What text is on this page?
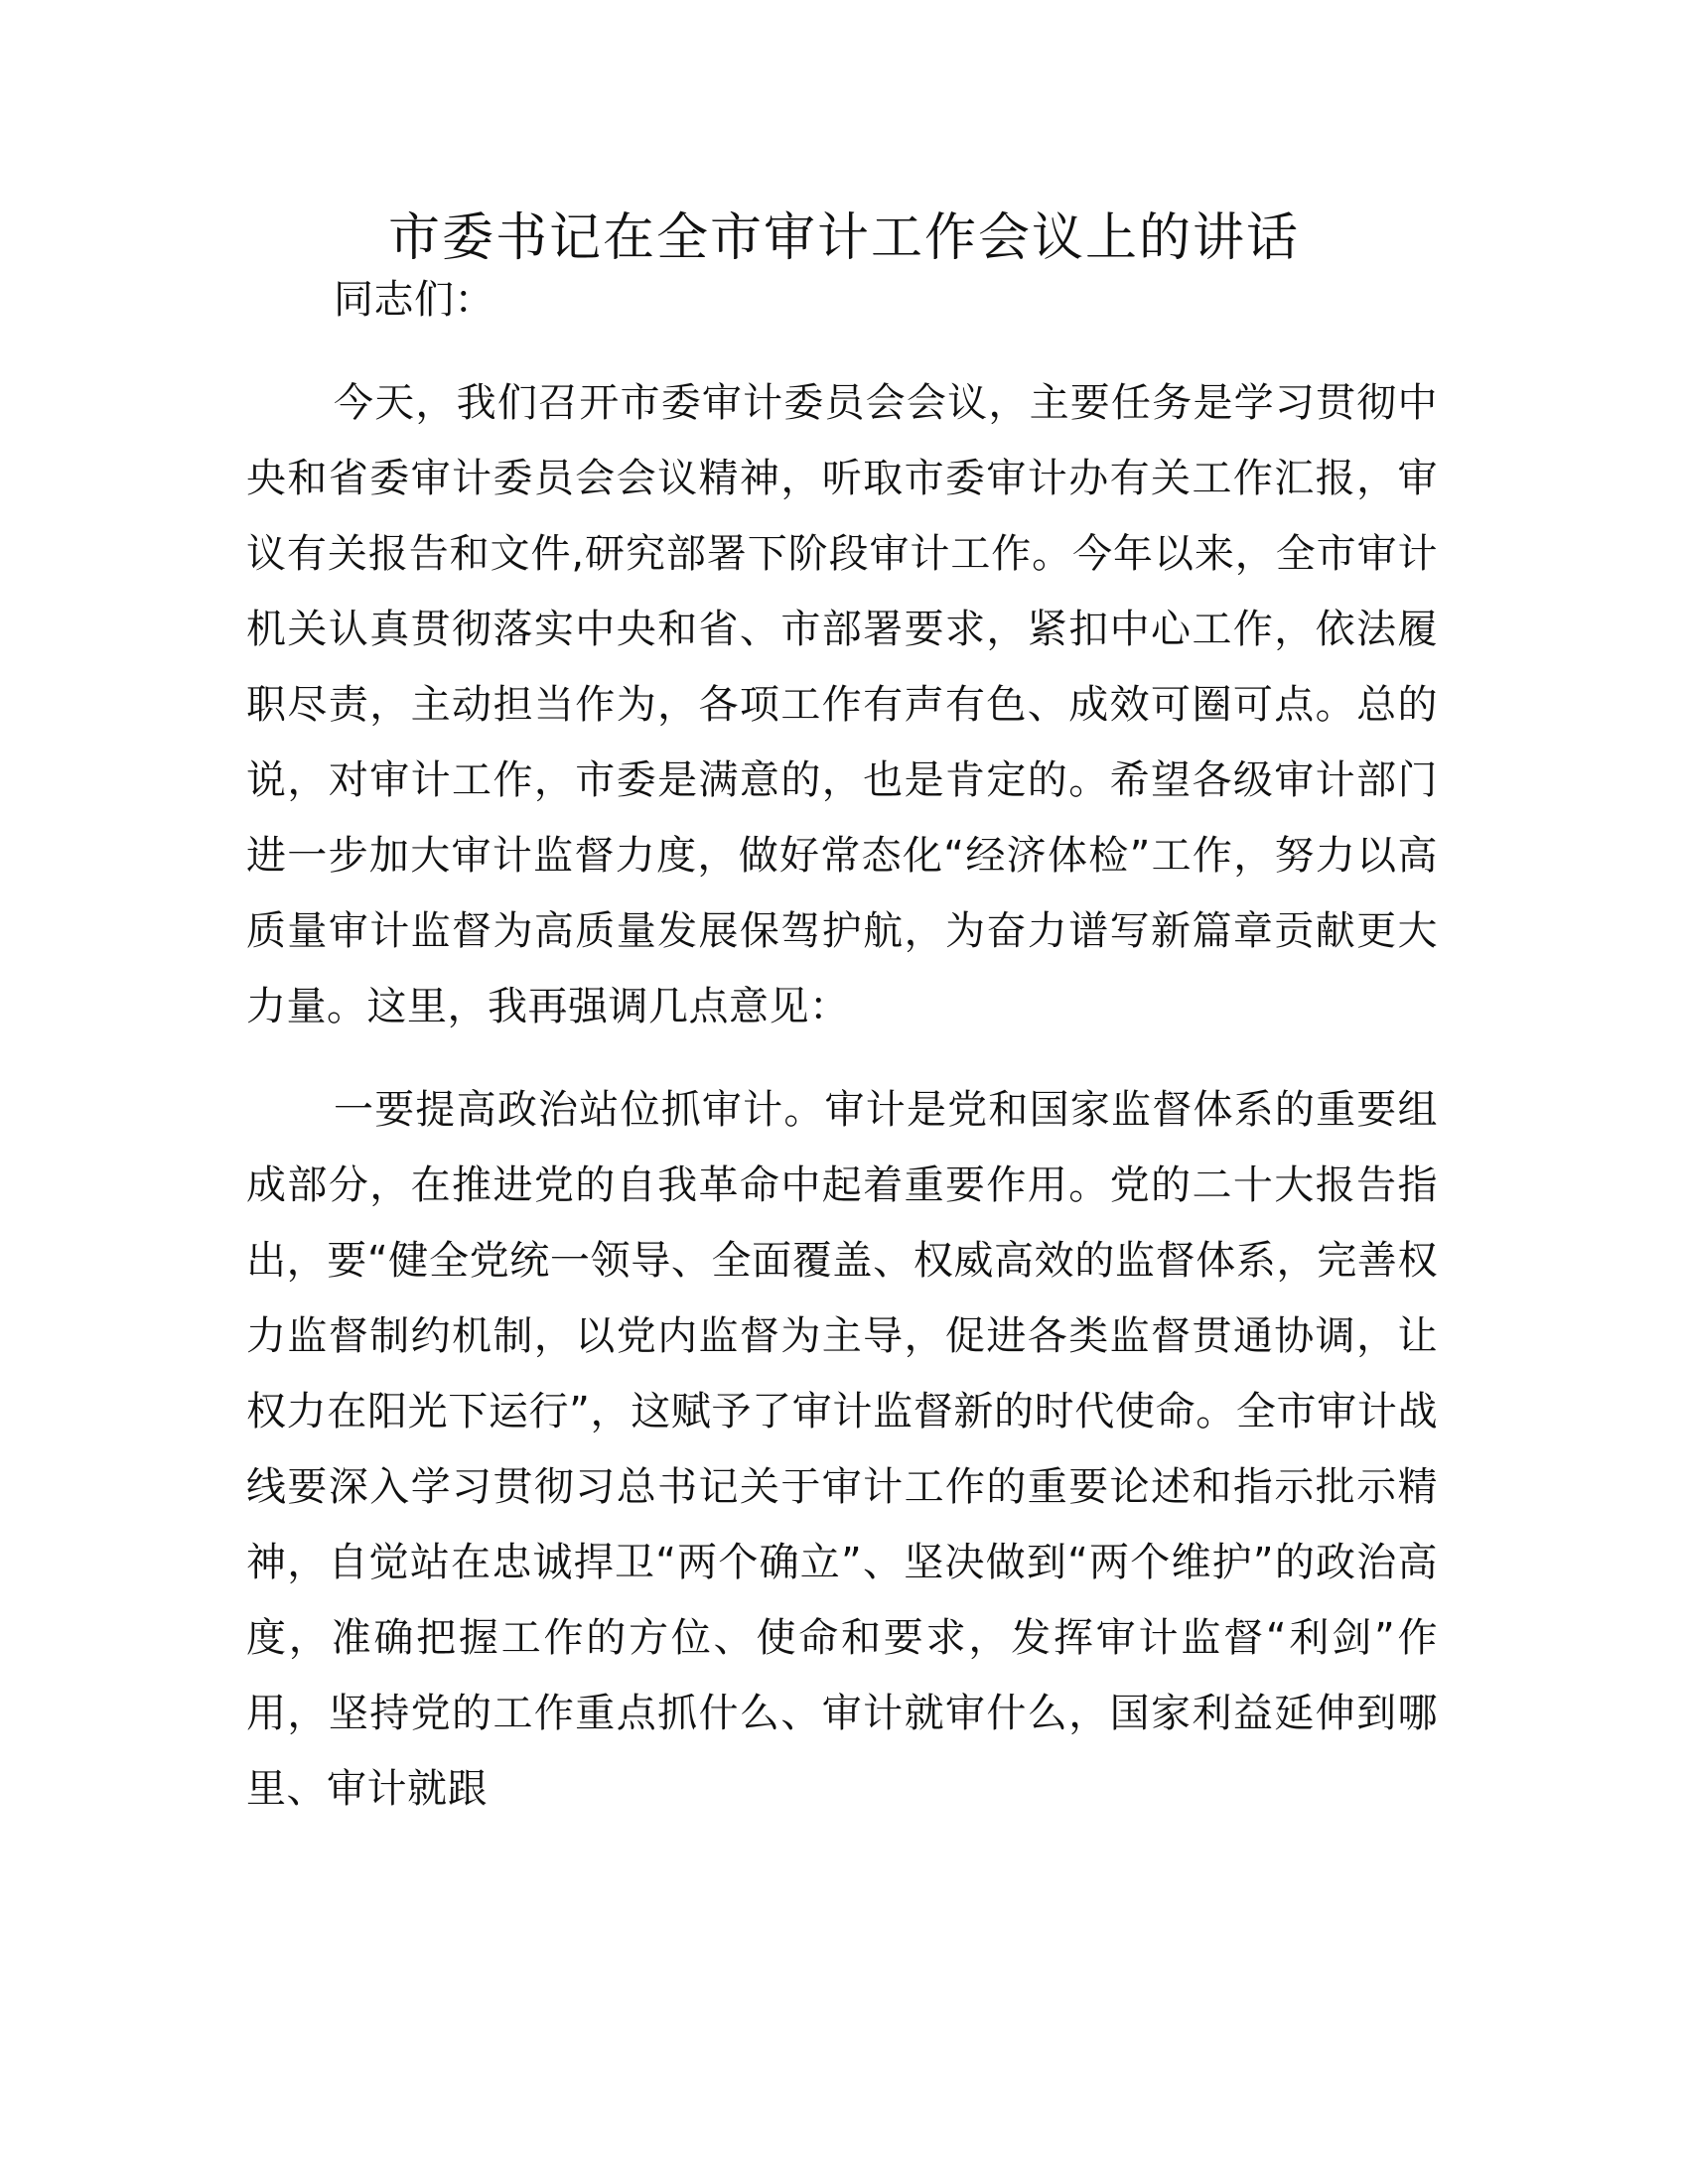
市委书记在全市审计工作会议上的讲话

同志们：

今天，我们召开市委审计委员会会议，主要任务是学习贯彻中央和省委审计委员会会议精神，听取市委审计办有关工作汇报，审议有关报告和文件,研究部署下阶段审计工作。今年以来，全市审计机关认真贯彻落实中央和省、市部署要求，紧扣中心工作，依法履职尽责，主动担当作为，各项工作有声有色、成效可圈可点。总的说，对审计工作，市委是满意的，也是肯定的。希望各级审计部门进一步加大审计监督力度，做好常态化“经济体检”工作，努力以高质量审计监督为高质量发展保驾护航，为奋力谱写新篇章贡献更大力量。这里，我再强调几点意见：

一要提高政治站位抓审计。审计是党和国家监督体系的重要组成部分，在推进党的自我革命中起着重要作用。党的二十大报告指出，要“健全党统一领导、全面覆盖、权威高效的监督体系，完善权力监督制约机制，以党内监督为主导，促进各类监督贯通协调，让权力在阳光下运行”，这赋予了审计监督新的时代使命。全市审计战线要深入学习贯彻习总书记关于审计工作的重要论述和指示批示精神，自觉站在忠诚捍卫“两个确立”、坚决做到“两个维护”的政治高度，准确把握工作的方位、使命和要求，发挥审计监督“利剑”作用，坚持党的工作重点抓什么、审计就审什么，国家利益延伸到哪里、审计就跟
